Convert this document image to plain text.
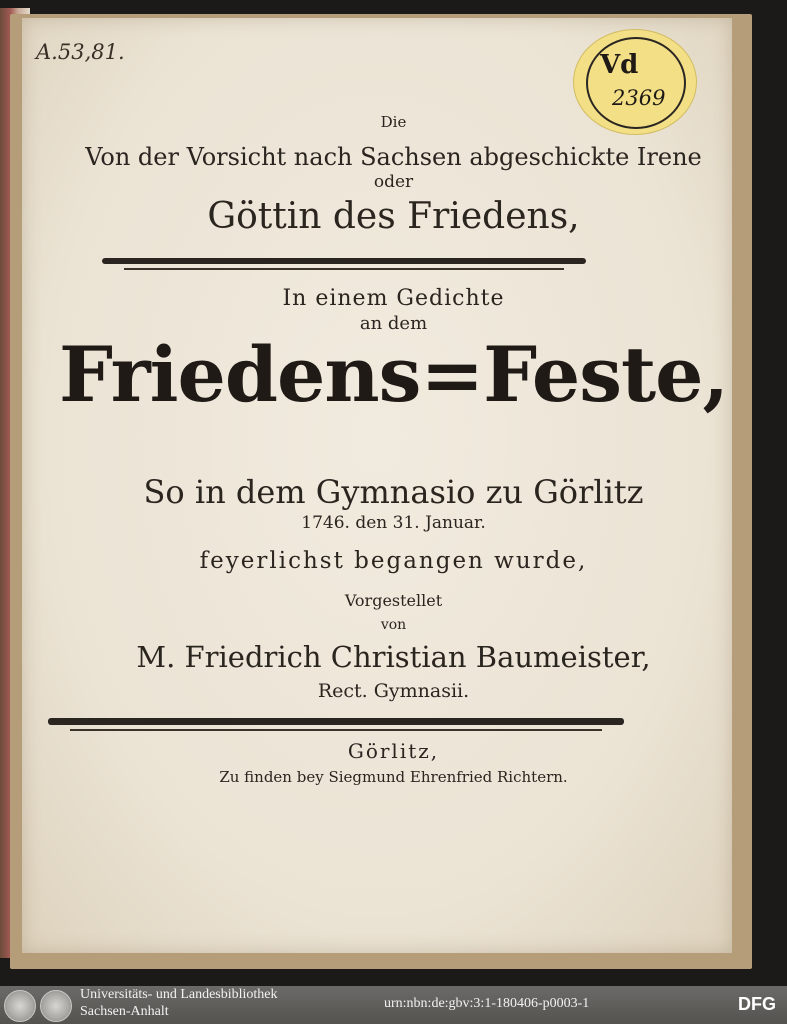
A.53,81.	Vd
2369
Die
Von der Vorsicht nach Sachsen abgeschickte Irene
oder
Göttin des Friedens,
In einem Gedichte
an dem
Friedens=Feste,
So in dem Gymnasio zu Görlitz
1746. den 31. Januar.
feyerlichst begangen wurde,
Vorgestellet
von
M. Friedrich Christian Baumeister,
Rect. Gymnasii.
Görlitz,
Zu finden bey Siegmund Ehrenfried Richtern.
Universitäts- und Landesbibliothek
Sachsen-Anhalt
urn:nbn:de:gbv:3:1-180406-p0003-1	DFG
